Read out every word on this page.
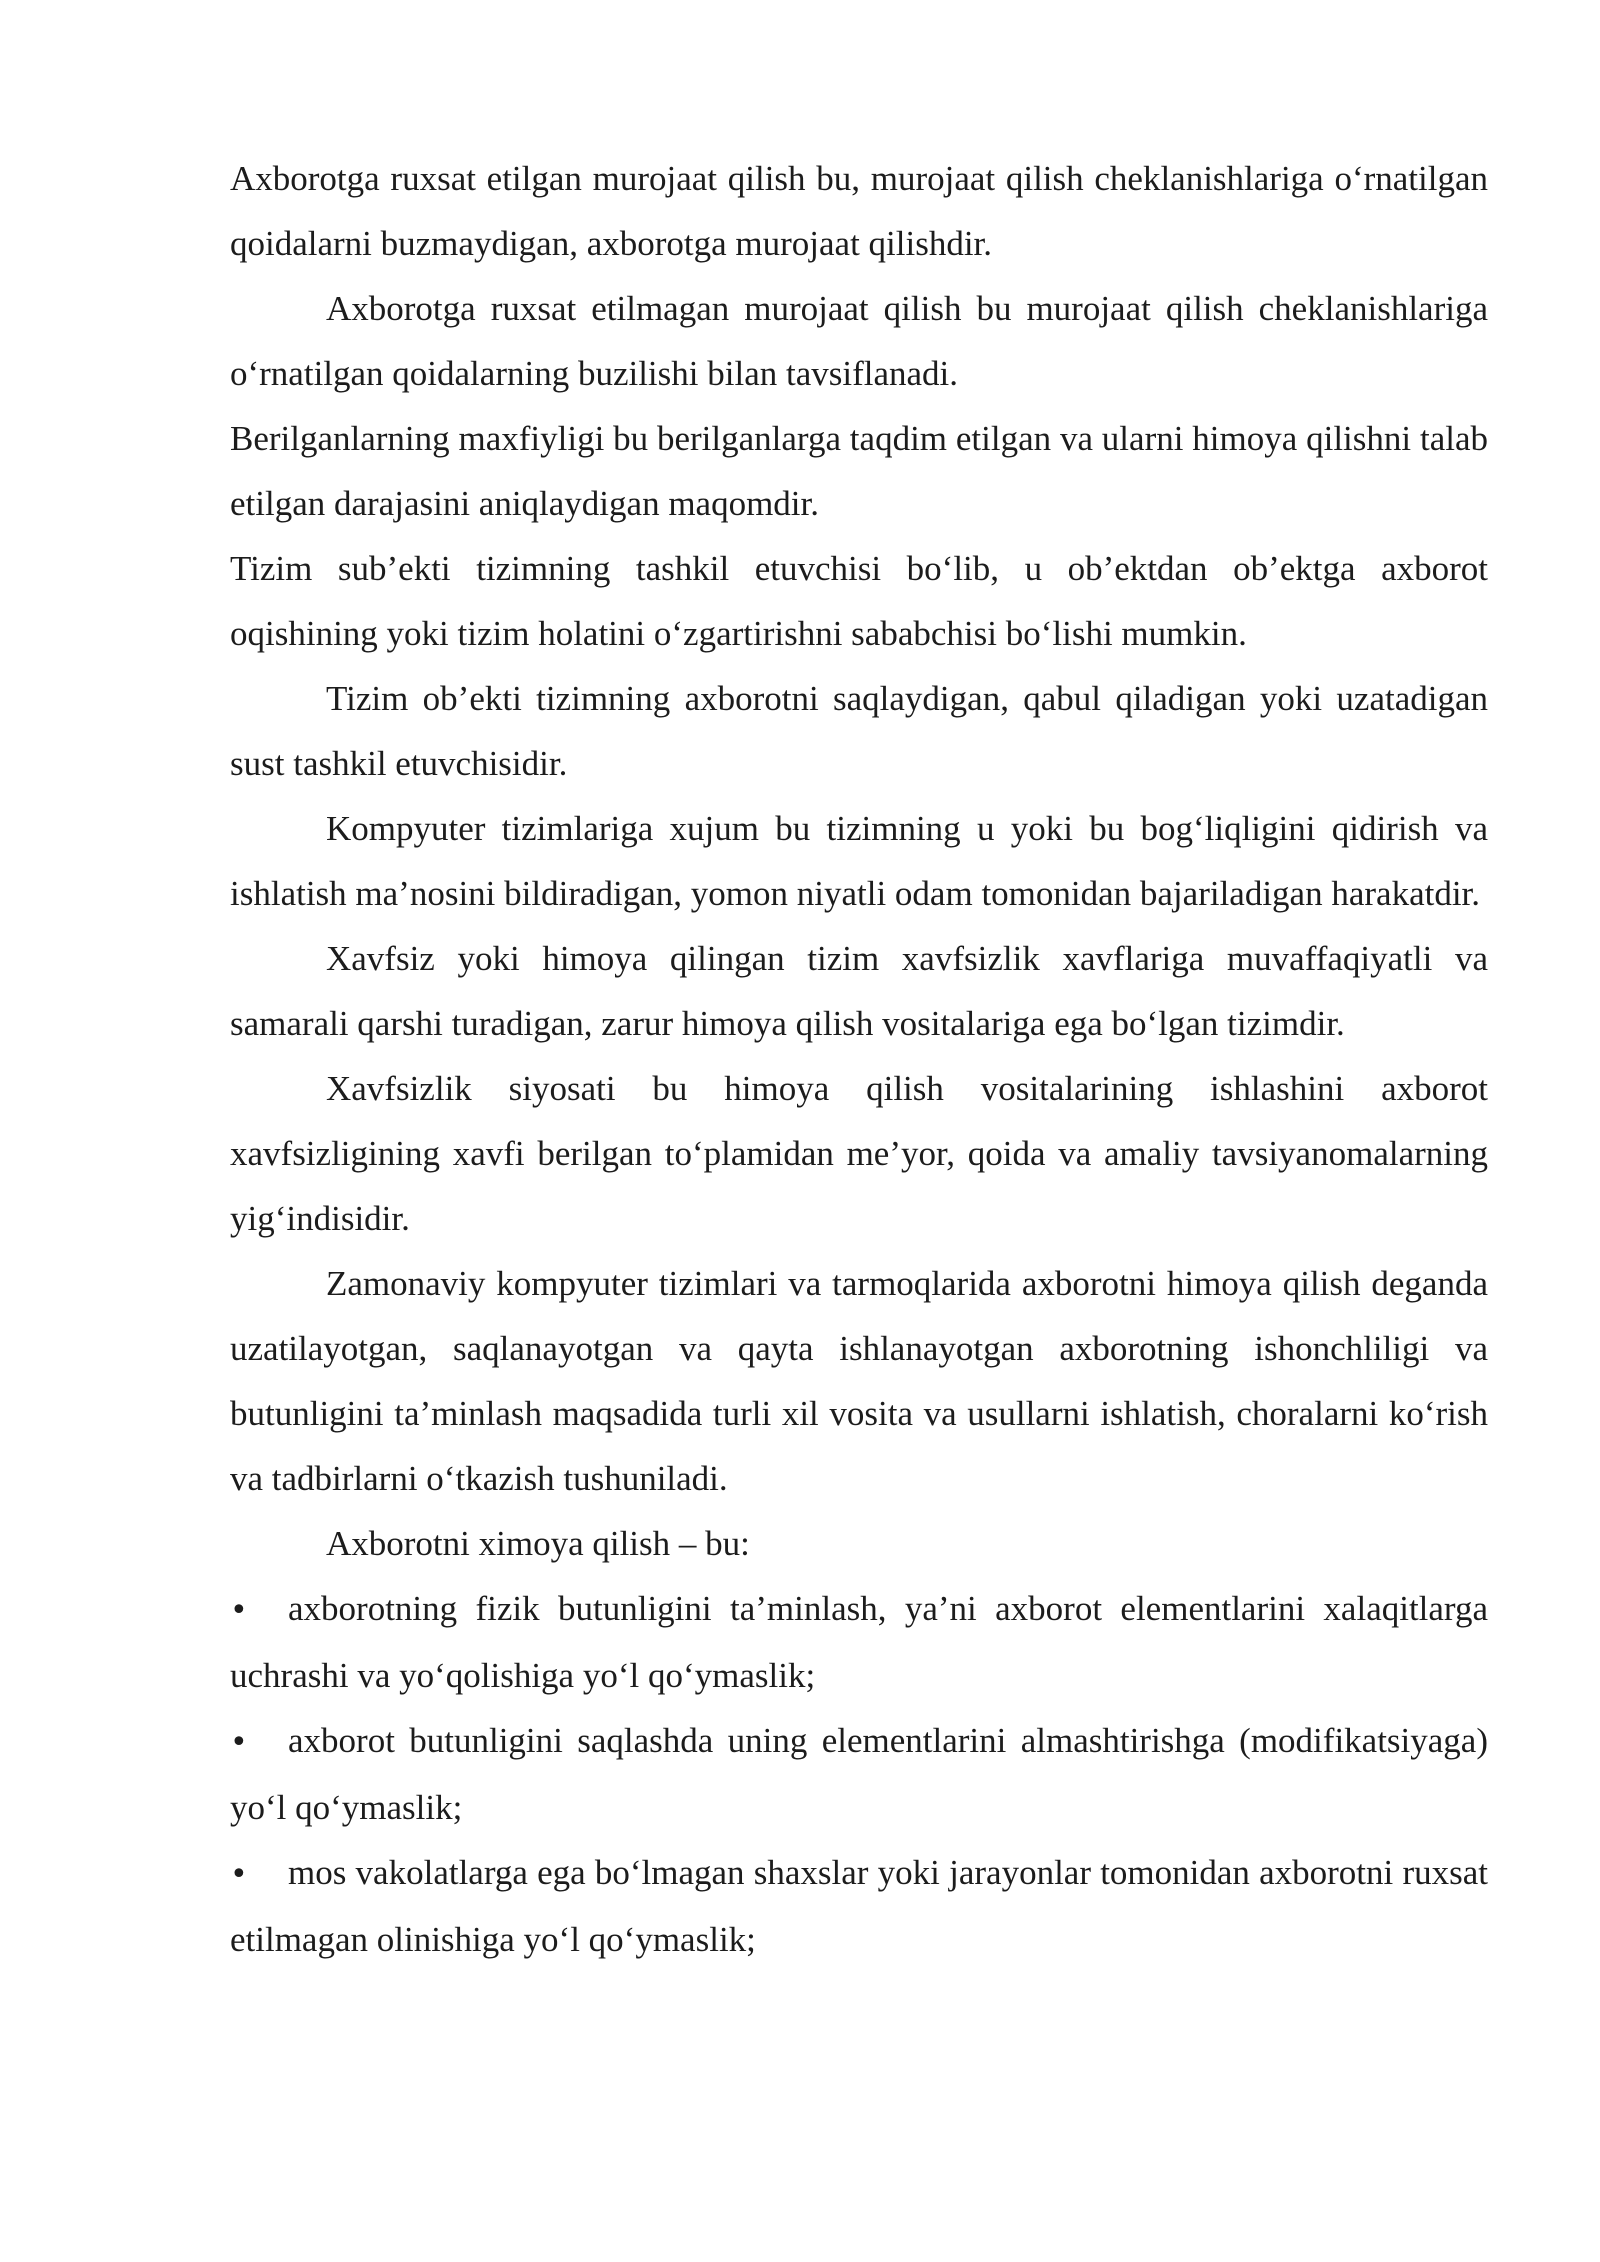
Axborotga ruxsat etilgan murojaat qilish bu, murojaat qilish cheklanishlariga o‘rnatilgan qoidalarni buzmaydigan, axborotga murojaat qilishdir.

Axborotga ruxsat etilmagan murojaat qilish bu murojaat qilish cheklanishlariga o‘rnatilgan qoidalarning buzilishi bilan tavsiflanadi.

Berilganlarning maxfiyligi bu berilganlarga taqdim etilgan va ularni himoya qilishni talab etilgan darajasini aniqlaydigan maqomdir.

Tizim sub’ekti tizimning tashkil etuvchisi bo‘lib, u ob’ektdan ob’ektga axborot oqishining yoki tizim holatini o‘zgartirishni sababchisi bo‘lishi mumkin.

Tizim ob’ekti tizimning axborotni saqlaydigan, qabul qiladigan yoki uzatadigan sust tashkil etuvchisidir.

Kompyuter tizimlariga xujum bu tizimning u yoki bu bog‘liqligini qidirish va ishlatish ma’nosini bildiradigan, yomon niyatli odam tomonidan bajariladigan harakatdir.

Xavfsiz yoki himoya qilingan tizim xavfsizlik xavflariga muvaffaqiyatli va samarali qarshi turadigan, zarur himoya qilish vositalariga ega bo‘lgan tizimdir.

Xavfsizlik siyosati bu himoya qilish vositalarining ishlashini axborot xavfsizligining xavfi berilgan to‘plamidan me’yor, qoida va amaliy tavsiyanomalarning yig‘indisidir.

Zamonaviy kompyuter tizimlari va tarmoqlarida axborotni himoya qilish deganda uzatilayotgan, saqlanayotgan va qayta ishlanayotgan axborotning ishonchliligi va butunligini ta’minlash maqsadida turli xil vosita va usullarni ishlatish, choralarni ko‘rish va tadbirlarni o‘tkazish tushuniladi.

Axborotni ximoya qilish – bu:

• axborotning fizik butunligini ta’minlash, ya’ni axborot elementlarini xalaqitlarga uchrashi va yo‘qolishiga yo‘l qo‘ymaslik;

• axborot butunligini saqlashda uning elementlarini almashtirishga (modifikatsiyaga) yo‘l qo‘ymaslik;

• mos vakolatlarga ega bo‘lmagan shaxslar yoki jarayonlar tomonidan axborotni ruxsat etilmagan olinishiga yo‘l qo‘ymaslik;
